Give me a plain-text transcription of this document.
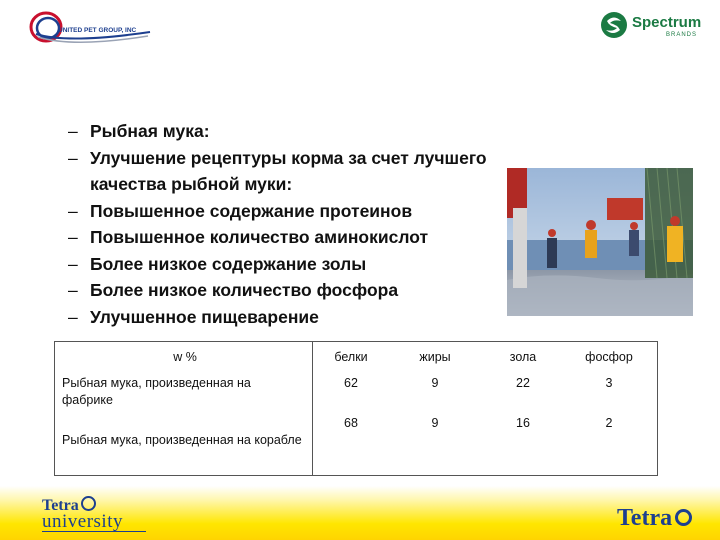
UNITED PET GROUP, INC	Spectrum
BRANDS
– Рыбная мука:
– Улучшение рецептуры корма за счет лучшего качества рыбной муки:
– Повышенное содержание протеинов
– Повышенное количество аминокислот
– Более низкое содержание золы
– Более низкое количество фосфора
– Улучшенное пищеварение
w %	белки	жиры	зола	фосфор
Рыбная мука, произведенная на фабрике
62	9	22	3
Рыбная мука, произведенная на корабле
68	9	16	2
Tetra
university	Tetra
